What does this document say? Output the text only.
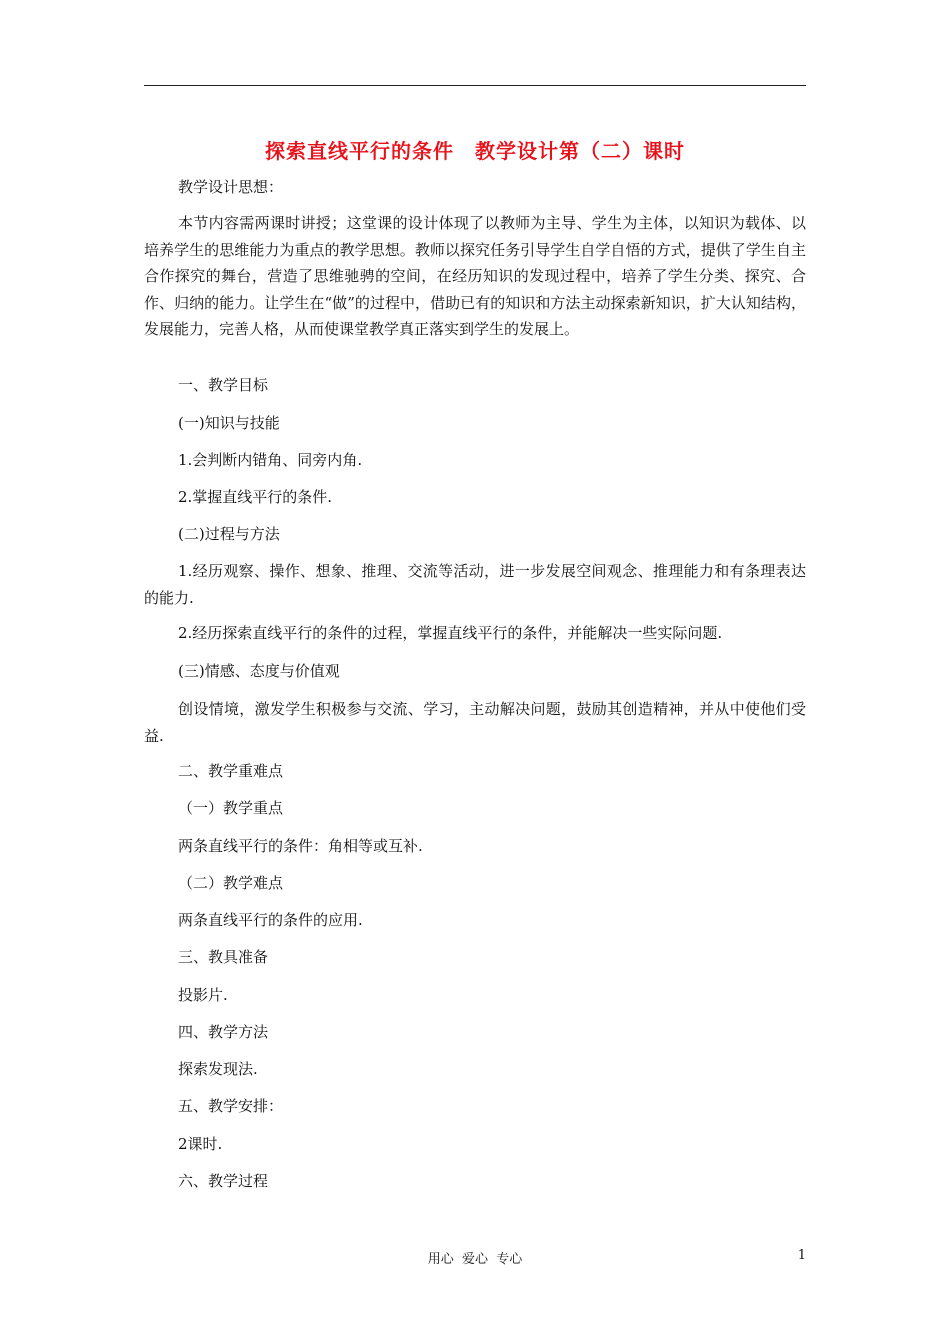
探索直线平行的条件　教学设计第（二）课时
教学设计思想：
本节内容需两课时讲授；这堂课的设计体现了以教师为主导、学生为主体，以知识为载体、以培养学生的思维能力为重点的教学思想。教师以探究任务引导学生自学自悟的方式，提供了学生自主合作探究的舞台，营造了思维驰骋的空间，在经历知识的发现过程中，培养了学生分类、探究、合作、归纳的能力。让学生在“做”的过程中，借助已有的知识和方法主动探索新知识，扩大认知结构，发展能力，完善人格，从而使课堂教学真正落实到学生的发展上。
一、教学目标
(一)知识与技能
1.会判断内错角、同旁内角.
2.掌握直线平行的条件.
(二)过程与方法
1.经历观察、操作、想象、推理、交流等活动，进一步发展空间观念、推理能力和有条理表达的能力.
2.经历探索直线平行的条件的过程，掌握直线平行的条件，并能解决一些实际问题.
(三)情感、态度与价值观
创设情境，激发学生积极参与交流、学习，主动解决问题，鼓励其创造精神，并从中使他们受益.
二、教学重难点
（一）教学重点
两条直线平行的条件：角相等或互补.
（二）教学难点
两条直线平行的条件的应用.
三、教具准备
投影片.
四、教学方法
探索发现法.
五、教学安排：
2课时.
六、教学过程
用心  爱心  专心	1
